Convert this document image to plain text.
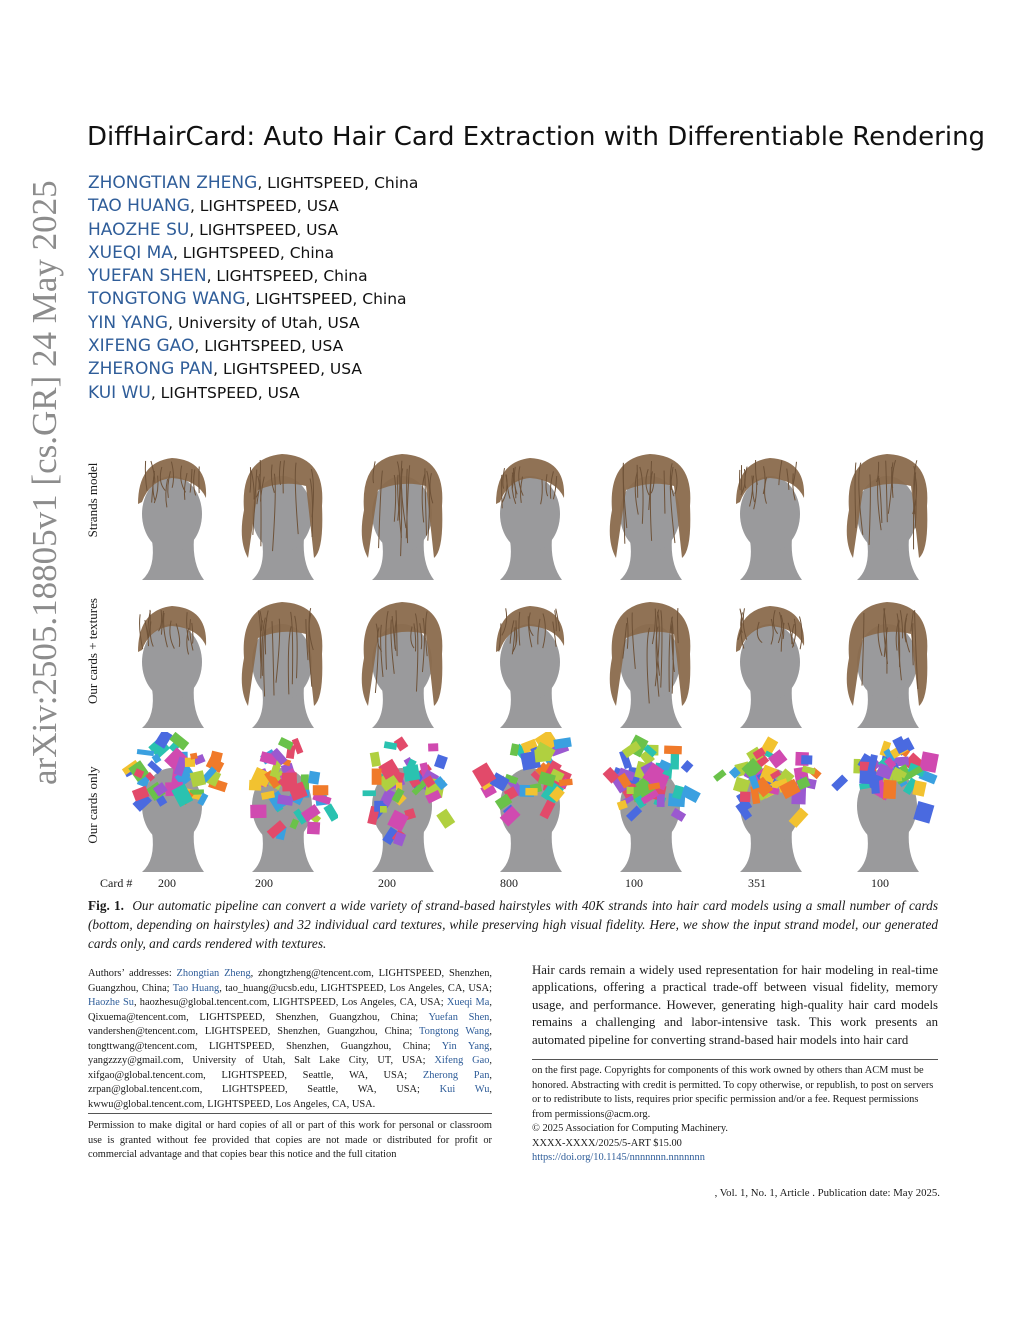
arXiv:2505.18805v1 [cs.GR] 24 May 2025
DiffHairCard: Auto Hair Card Extraction with Differentiable Rendering
ZHONGTIAN ZHENG, LIGHTSPEED, China
TAO HUANG, LIGHTSPEED, USA
HAOZHE SU, LIGHTSPEED, USA
XUEQI MA, LIGHTSPEED, China
YUEFAN SHEN, LIGHTSPEED, China
TONGTONG WANG, LIGHTSPEED, China
YIN YANG, University of Utah, USA
XIFENG GAO, LIGHTSPEED, USA
ZHERONG PAN, LIGHTSPEED, USA
KUI WU, LIGHTSPEED, USA
Strands model
Our cards + textures
Our cards only
Card # 200	200	200	800	100	351	100
Fig. 1. Our automatic pipeline can convert a wide variety of strand-based hairstyles with 40K strands into hair card models using a small number of cards (bottom, depending on hairstyles) and 32 individual card textures, while preserving high visual fidelity. Here, we show the input strand model, our generated cards only, and cards rendered with textures.
Authors’ addresses: Zhongtian Zheng, zhongtzheng@tencent.com, LIGHTSPEED, Shenzhen, Guangzhou, China; Tao Huang, tao_huang@ucsb.edu, LIGHTSPEED, Los Angeles, CA, USA; Haozhe Su, haozhesu@global.tencent.com, LIGHTSPEED, Los Angeles, CA, USA; Xueqi Ma, Qixuema@tencent.com, LIGHTSPEED, Shenzhen, Guangzhou, China; Yuefan Shen, vandershen@tencent.com, LIGHTSPEED, Shenzhen, Guangzhou, China; Tongtong Wang, tongttwang@tencent.com, LIGHTSPEED, Shenzhen, Guangzhou, China; Yin Yang, yangzzzy@gmail.com, University of Utah, Salt Lake City, UT, USA; Xifeng Gao, xifgao@global.tencent.com, LIGHTSPEED, Seattle, WA, USA; Zherong Pan, zrpan@global.tencent.com, LIGHTSPEED, Seattle, WA, USA; Kui Wu, kwwu@global.tencent.com, LIGHTSPEED, Los Angeles, CA, USA.
Permission to make digital or hard copies of all or part of this work for personal or classroom use is granted without fee provided that copies are not made or distributed for profit or commercial advantage and that copies bear this notice and the full citation
Hair cards remain a widely used representation for hair modeling in real-time applications, offering a practical trade-off between visual fidelity, memory usage, and performance. However, generating high-quality hair card models remains a challenging and labor-intensive task. This work presents an automated pipeline for converting strand-based hair models into hair card
on the first page. Copyrights for components of this work owned by others than ACM must be honored. Abstracting with credit is permitted. To copy otherwise, or republish, to post on servers or to redistribute to lists, requires prior specific permission and/or a fee. Request permissions from permissions@acm.org.
© 2025 Association for Computing Machinery.
XXXX-XXXX/2025/5-ART $15.00
https://doi.org/10.1145/nnnnnnn.nnnnnnn
, Vol. 1, No. 1, Article . Publication date: May 2025.
